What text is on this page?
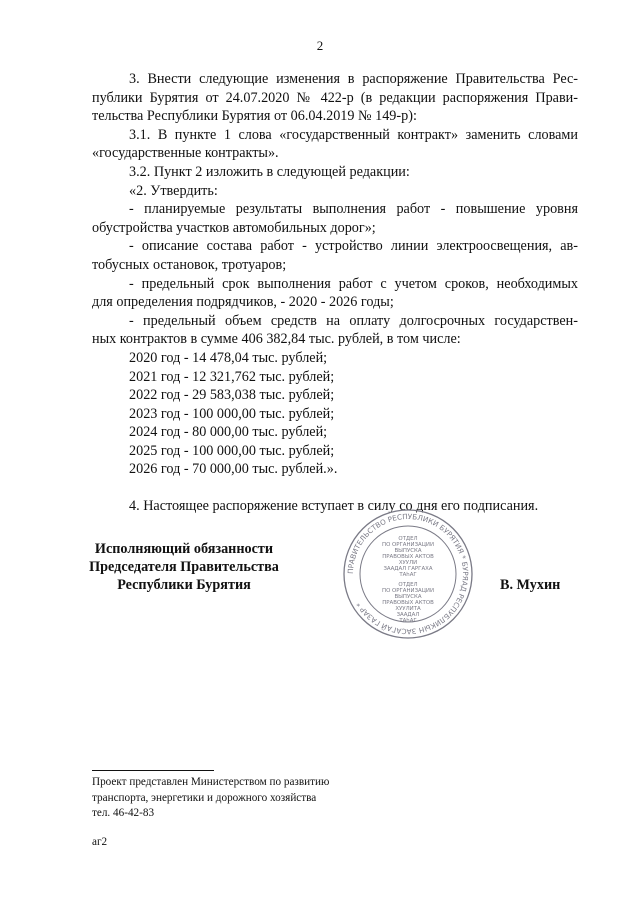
2

3. Внести следующие изменения в распоряжение Правительства Рес-

публики Бурятия от 24.07.2020 № 422-р (в редакции распоряжения Прави-

тельства Республики Бурятия от 06.04.2019 № 149-р):

3.1. В пункте 1 слова «государственный контракт» заменить словами

«государственные контракты».

3.2. Пункт 2 изложить в следующей редакции:

«2. Утвердить:

- планируемые результаты выполнения работ - повышение уровня

обустройства участков автомобильных дорог»;

- описание состава работ - устройство линии электроосвещения, ав-

тобусных остановок, тротуаров;

- предельный срок выполнения работ с учетом сроков, необходимых

для определения подрядчиков, - 2020 - 2026 годы;

- предельный объем средств на оплату долгосрочных государствен-

ных контрактов в сумме 406 382,84 тыс. рублей, в том числе:

2020 год - 14 478,04 тыс. рублей;

2021 год - 12 321,762 тыс. рублей;

2022 год - 29 583,038 тыс. рублей;

2023 год - 100 000,00 тыс. рублей;

2024 год - 80 000,00 тыс. рублей;

2025 год - 100 000,00 тыс. рублей;

2026 год - 70 000,00 тыс. рублей.».

4. Настоящее распоряжение вступает в силу со дня его подписания.

Исполняющий обязанности
Председателя Правительства
Республики Бурятия
ПРАВИТЕЛЬСТВО РЕСПУБЛИКИ БУРЯТИЯ * БУРЯАД РЕСПУБЛИКЫН ЗАСАГАЙ ГАЗАР *
ОТДЕЛ
ПО ОРГАНИЗАЦИИ
ВЫПУСКА
ПРАВОВЫХ АКТОВ
ХУУЛИ
ЗААДАЛ ГАРГАХА
ТАһАГ
ОТДЕЛ
ПО ОРГАНИЗАЦИИ
ВЫПУСКА
ПРАВОВЫХ АКТОВ
ХУУЛИТА
ЗААДАЛ
ТАһАГ
В. Мухин
Проект представлен Министерством по развитию
транспорта, энергетики и дорожного хозяйства
тел. 46-42-83
аг2
